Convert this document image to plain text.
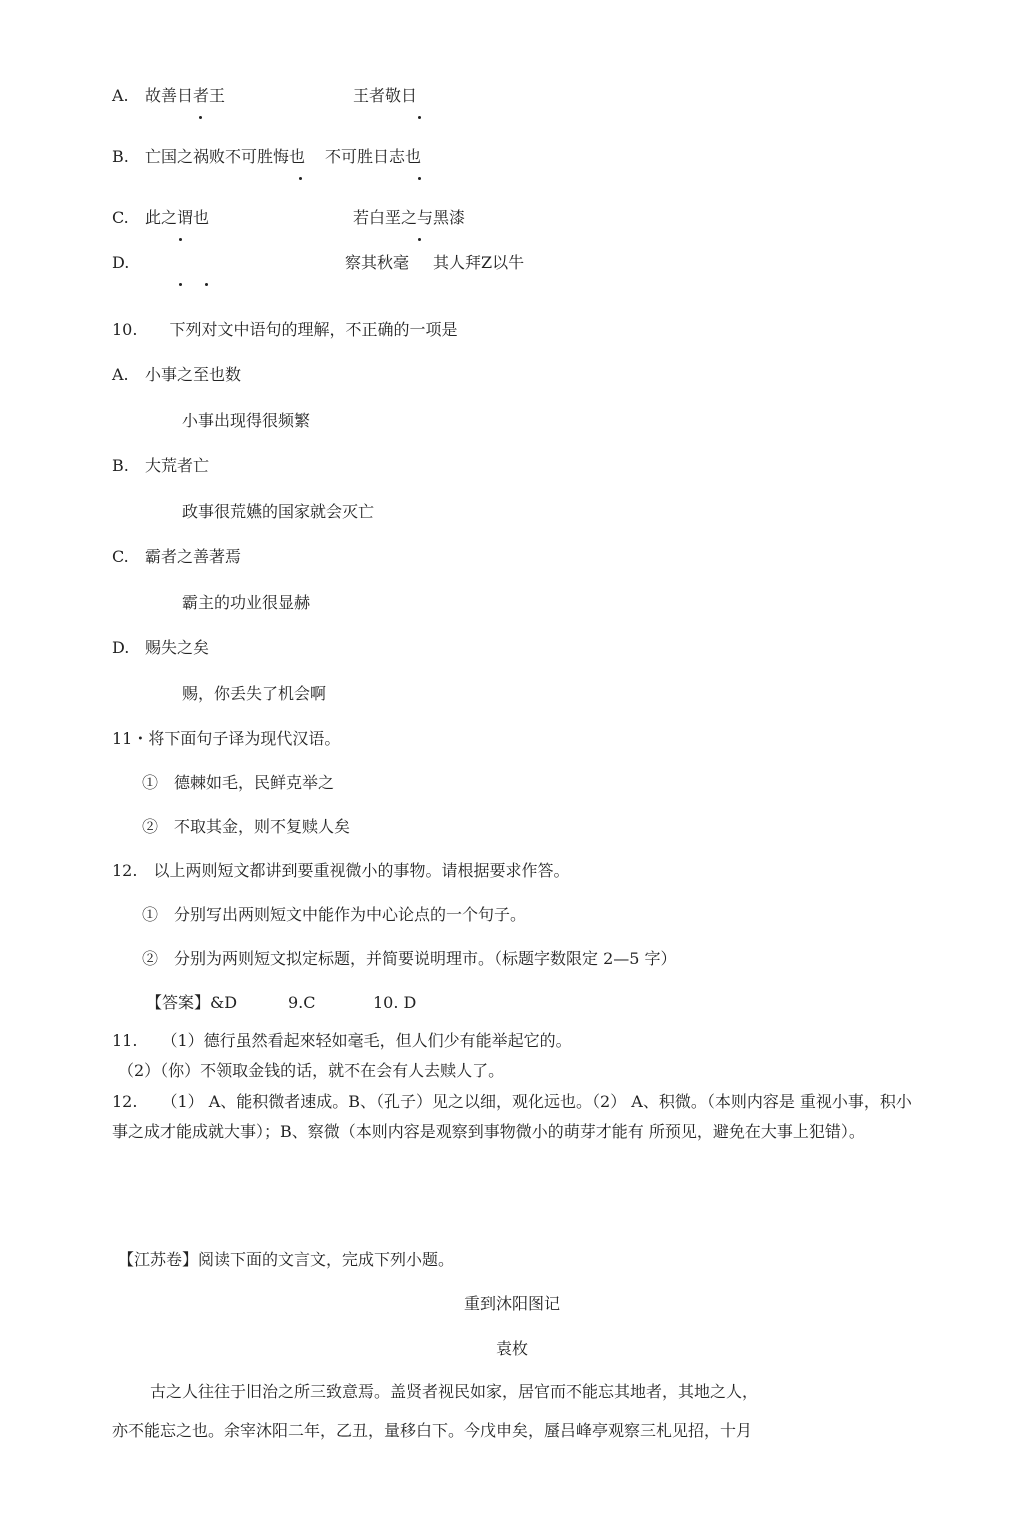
A. 故善日者王	王者敬日
B. 亡国之祸败不可胜悔也 不可胜日志也
C. 此之谓也	若白垩之与黑漆
D.	察其秋毫 其人拜Z以牛
10.　　下列对文中语句的理解，不正确的一项是
A. 小事之至也数
小事出现得很频繁
B. 大荒者亡
政事很荒嬿的国家就会灭亡
C. 霸者之善著焉
霸主的功业很显赫
D. 赐失之矣
赐，你丢失了机会啊
11・将下面句子译为现代汉语。
①　德棘如毛，民鲜克举之
②　不取其金，则不复赎人矣
12.　以上两则短文都讲到要重视微小的事物。请根据要求作答。
①　分别写出两则短文中能作为中心论点的一个句子。
②　分别为两则短文拟定标题，并简要说明理市。（标题字数限定 2—5 字）
【答案】&D	9.C	10. D
11.　　（1）德行虽然看起來轻如毫毛，但人们少有能举起它的。
（2）（你）不领取金钱的话，就不在会有人去赎人了。
12.　　（1） A、能积微者速成。B、（孔子）见之以细，观化远也。（2） A、积微。（本则内容是 重视小事，积小事之成才能成就大事）；B、察微（本则内容是观察到事物微小的萌芽才能有 所预见，避免在大事上犯错）。
【江苏卷】阅读下面的文言文，完成下列小题。
重到沐阳图记
袁枚
古之人往往于旧治之所三致意焉。盖贤者视民如家，居官而不能忘其地者，其地之人，
亦不能忘之也。余宰沐阳二年，乙丑，量移白下。今戊申矣，蜃吕峰亭观察三札见招，十月
